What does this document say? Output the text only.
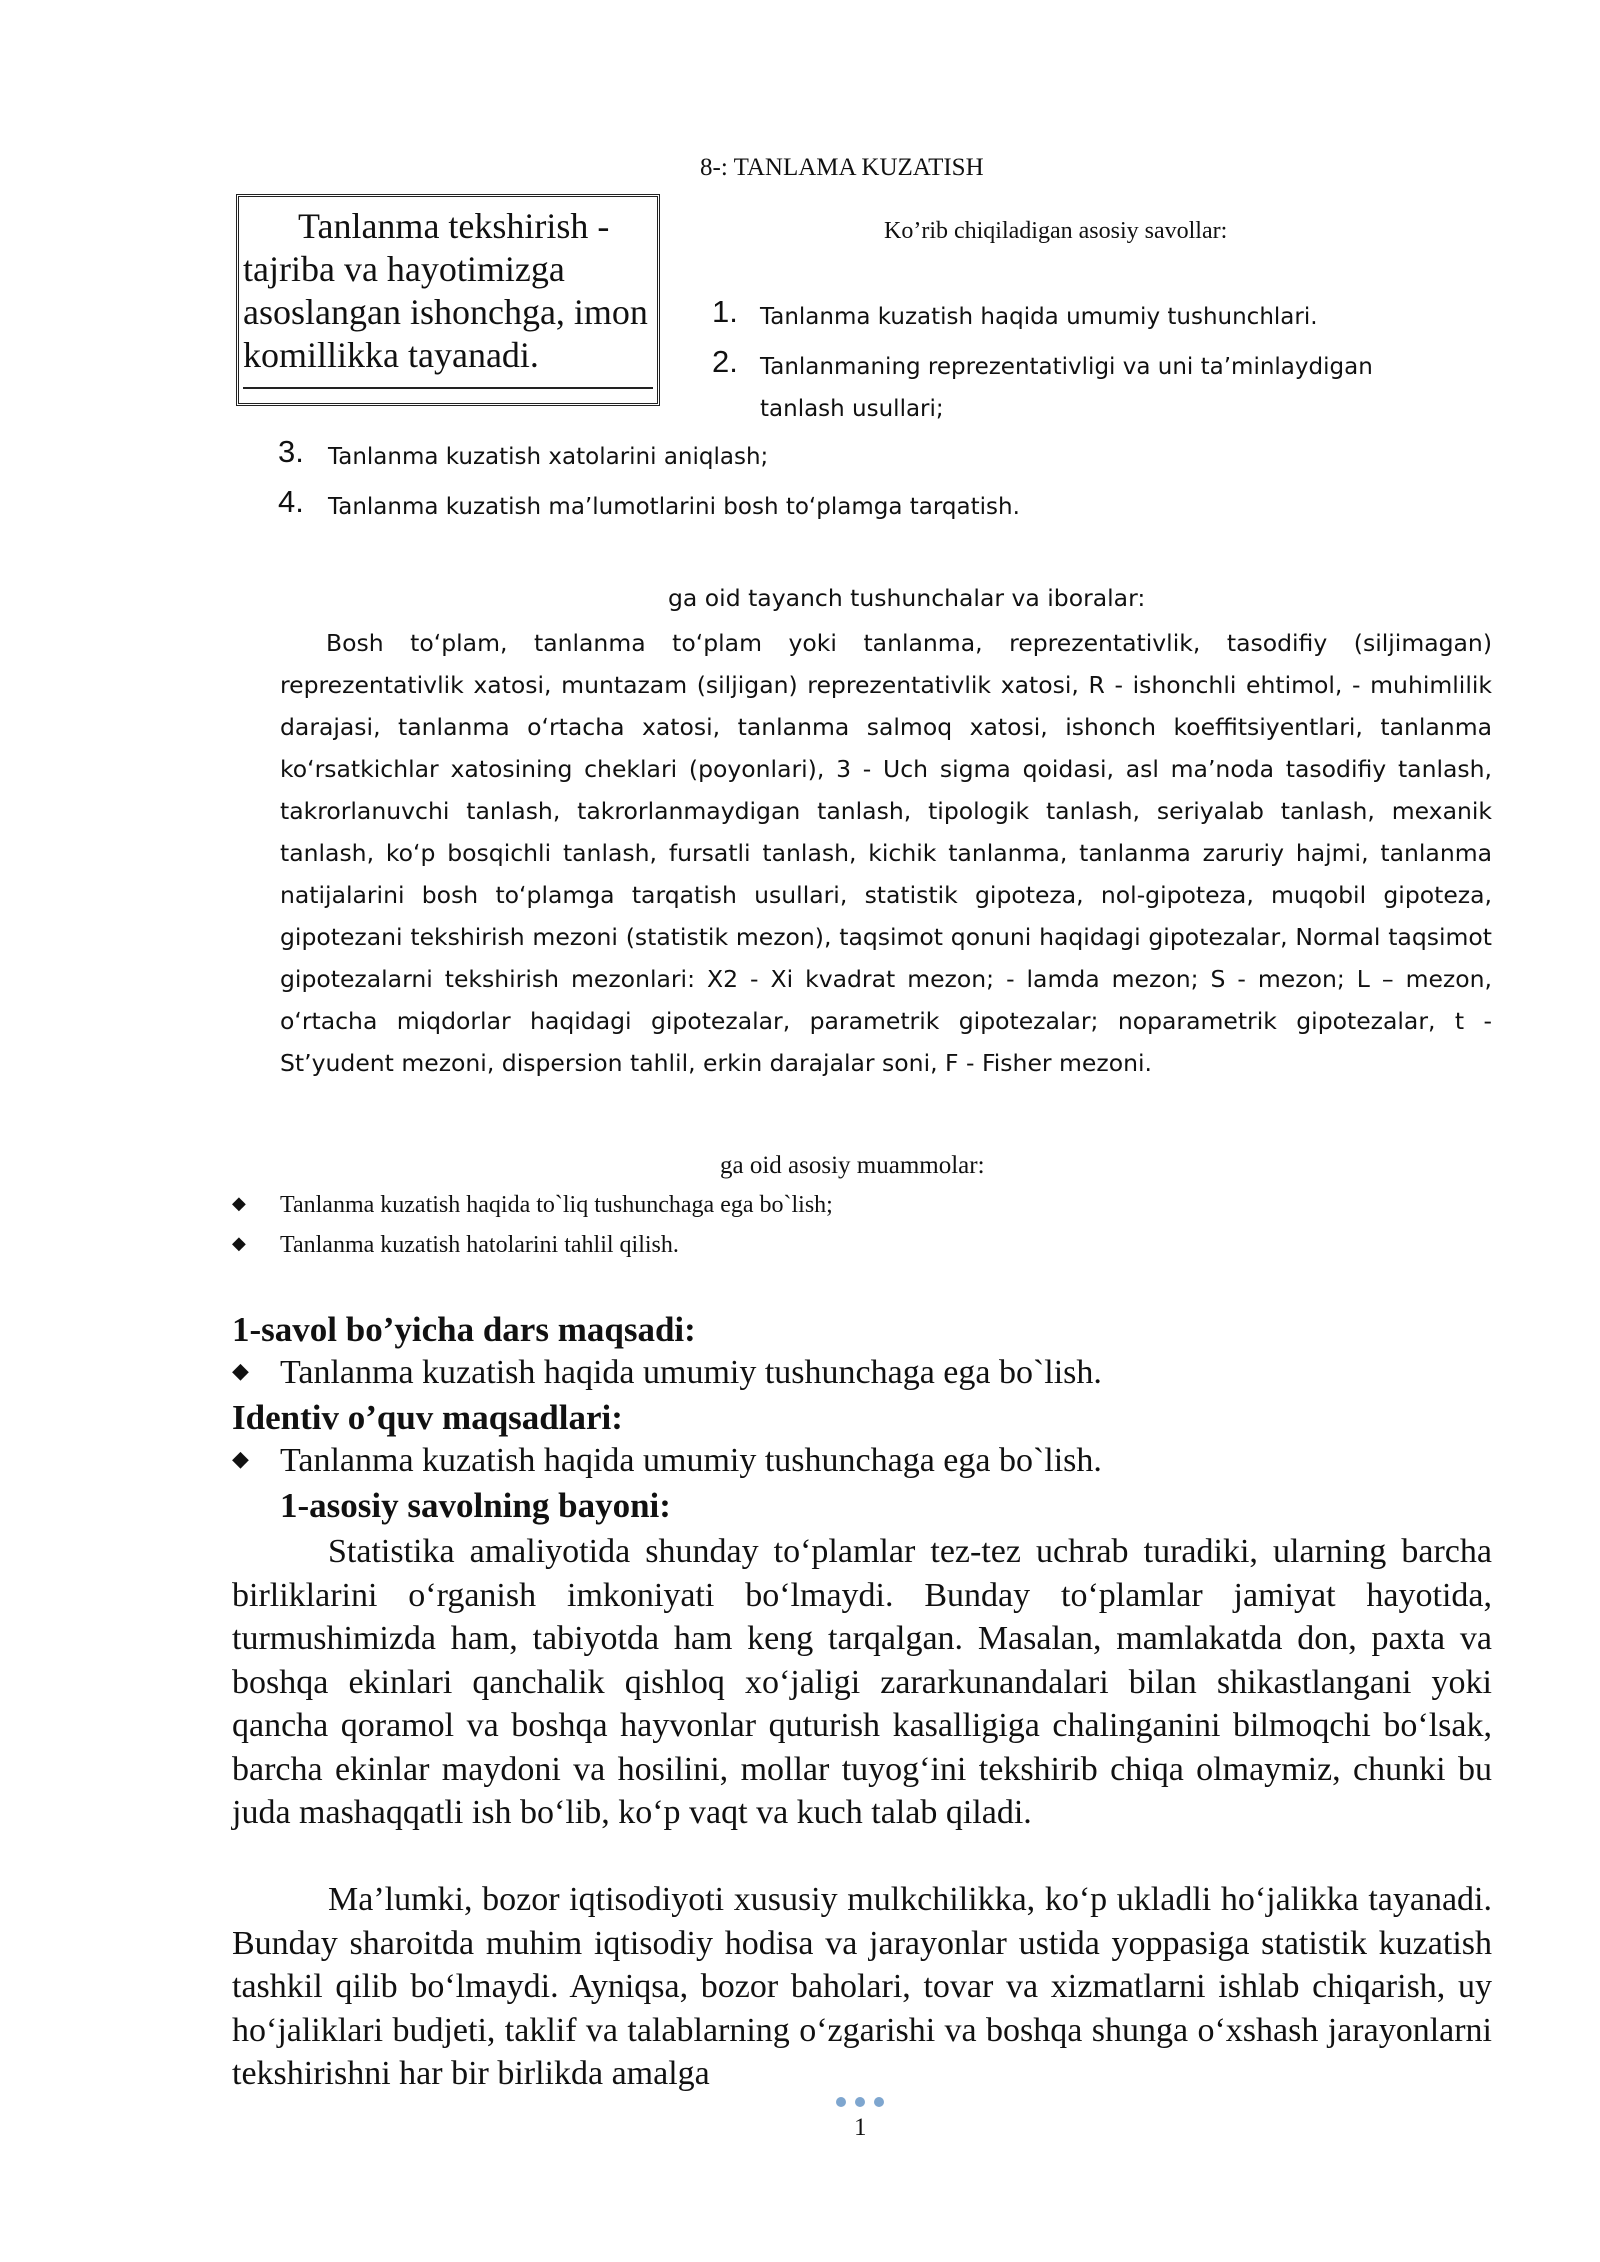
8-: TANLAMA KUZATISH
Tanlanma tekshirish - tajriba va hayotimizga asoslangan ishonchga, imon komillikka tayanadi.
Ko’rib chiqiladigan asosiy savollar:
1. Tanlanma kuzatish haqida umumiy tushunchlari.
2. Tanlanmaning reprezentativligi va uni ta’minlaydigan tanlash usullari;
3. Tanlanma kuzatish xatolarini aniqlash;
4. Tanlanma kuzatish ma’lumotlarini bosh toʻplamga tarqatish.
ga oid tayanch tushunchalar va iboralar:
Bosh toʻplam, tanlanma toʻplam yoki tanlanma, reprezentativlik, tasodifiy (siljimagan) reprezentativlik xatosi, muntazam (siljigan) reprezentativlik xatosi, R - ishonchli ehtimol, - muhimlilik darajasi, tanlanma oʻrtacha xatosi, tanlanma salmoq xatosi, ishonch koeffitsiyentlari, tanlanma koʻrsatkichlar xatosining cheklari (poyonlari), 3 - Uch sigma qoidasi, asl ma’noda tasodifiy tanlash, takrorlanuvchi tanlash, takrorlanmaydigan tanlash, tipologik tanlash, seriyalab tanlash, mexanik tanlash, koʻp bosqichli tanlash, fursatli tanlash, kichik tanlanma, tanlanma zaruriy hajmi, tanlanma natijalarini bosh toʻplamga tarqatish usullari, statistik gipoteza, nol-gipoteza, muqobil gipoteza, gipotezani tekshirish mezoni (statistik mezon), taqsimot qonuni haqidagi gipotezalar, Normal taqsimot gipotezalarni tekshirish mezonlari: X2 - Xi kvadrat mezon; - lamda mezon; S - mezon; L – mezon, oʻrtacha miqdorlar haqidagi gipotezalar, parametrik gipotezalar; noparametrik gipotezalar, t - St’yudent mezoni, dispersion tahlil, erkin darajalar soni, F - Fisher mezoni.
ga oid asosiy muammolar:
◆ Tanlanma kuzatish haqida to`liq tushunchaga ega bo`lish;
◆ Tanlanma kuzatish hatolarini tahlil qilish.
1-savol bo’yicha dars maqsadi:
◆ Tanlanma kuzatish haqida umumiy tushunchaga ega bo`lish.
Identiv o’quv maqsadlari:
◆ Tanlanma kuzatish haqida umumiy tushunchaga ega bo`lish.
1-asosiy savolning bayoni:
Statistika amaliyotida shunday toʻplamlar tez-tez uchrab turadiki, ularning barcha birliklarini oʻrganish imkoniyati boʻlmaydi. Bunday toʻplamlar jamiyat hayotida, turmushimizda ham, tabiyotda ham keng tarqalgan. Masalan, mamlakatda don, paxta va boshqa ekinlari qanchalik qishloq xoʻjaligi zararkunandalari bilan shikastlangani yoki qancha qoramol va boshqa hayvonlar quturish kasalligiga chalinganini bilmoqchi boʻlsak, barcha ekinlar maydoni va hosilini, mollar tuyogʻini tekshirib chiqa olmaymiz, chunki bu juda mashaqqatli ish boʻlib, koʻp vaqt va kuch talab qiladi.
Ma’lumki, bozor iqtisodiyoti xususiy mulkchilikka, koʻp ukladli hoʻjalikka tayanadi. Bunday sharoitda muhim iqtisodiy hodisa va jarayonlar ustida yoppasiga statistik kuzatish tashkil qilib boʻlmaydi. Ayniqsa, bozor baholari, tovar va xizmatlarni ishlab chiqarish, uy hoʻjaliklari budjeti, taklif va talablarning oʻzgarishi va boshqa shunga oʻxshash jarayonlarni tekshirishni har bir birlikda amalga
1
